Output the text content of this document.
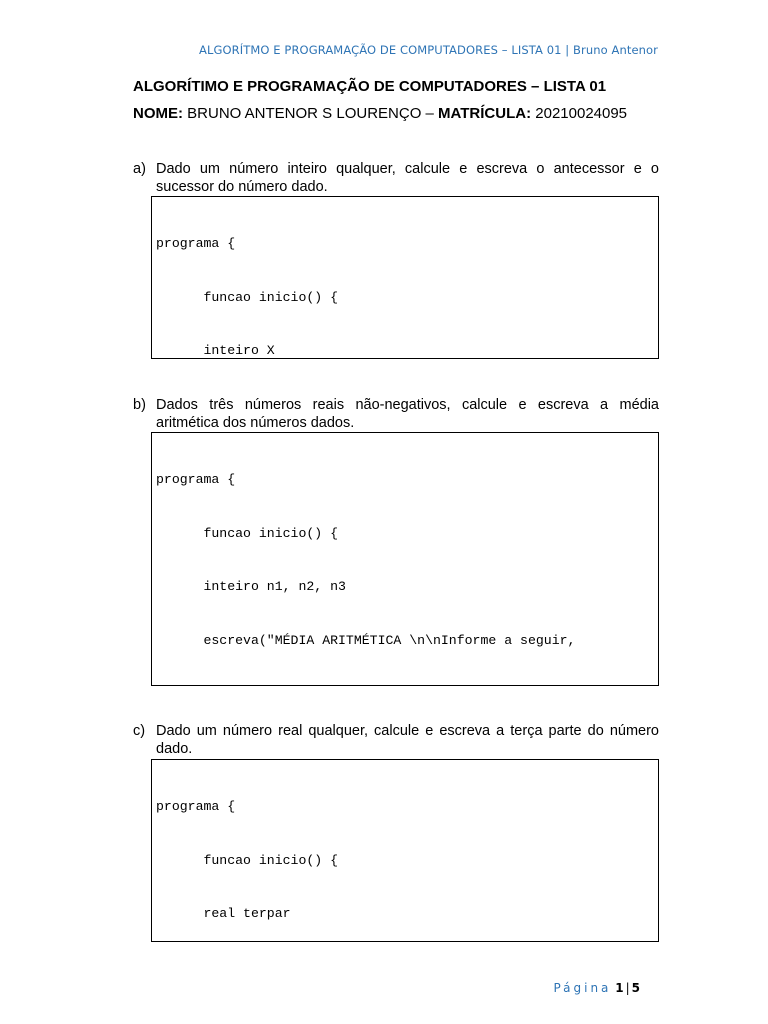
ALGORÍTMO E PROGRAMAÇÃO DE COMPUTADORES – LISTA 01 | Bruno Antenor
ALGORÍTIMO E PROGRAMAÇÃO DE COMPUTADORES – LISTA 01
NOME: BRUNO ANTENOR S LOURENÇO – MATRÍCULA: 20210024095
a) Dado um número inteiro qualquer, calcule e escreva o antecessor e o
sucessor do número dado.

programa {

funcao inicio() {

inteiro X

b) Dados três números reais não-negativos, calcule e escreva a média
aritmética dos números dados.

programa {

funcao inicio() {

inteiro n1, n2, n3

escreva("MÉDIA ARITMÉTICA \n\nInforme a seguir,

c) Dado um número real qualquer, calcule e escreva a terça parte do número
dado.

programa {

funcao inicio() {

real terpar

Página 1 | 5
